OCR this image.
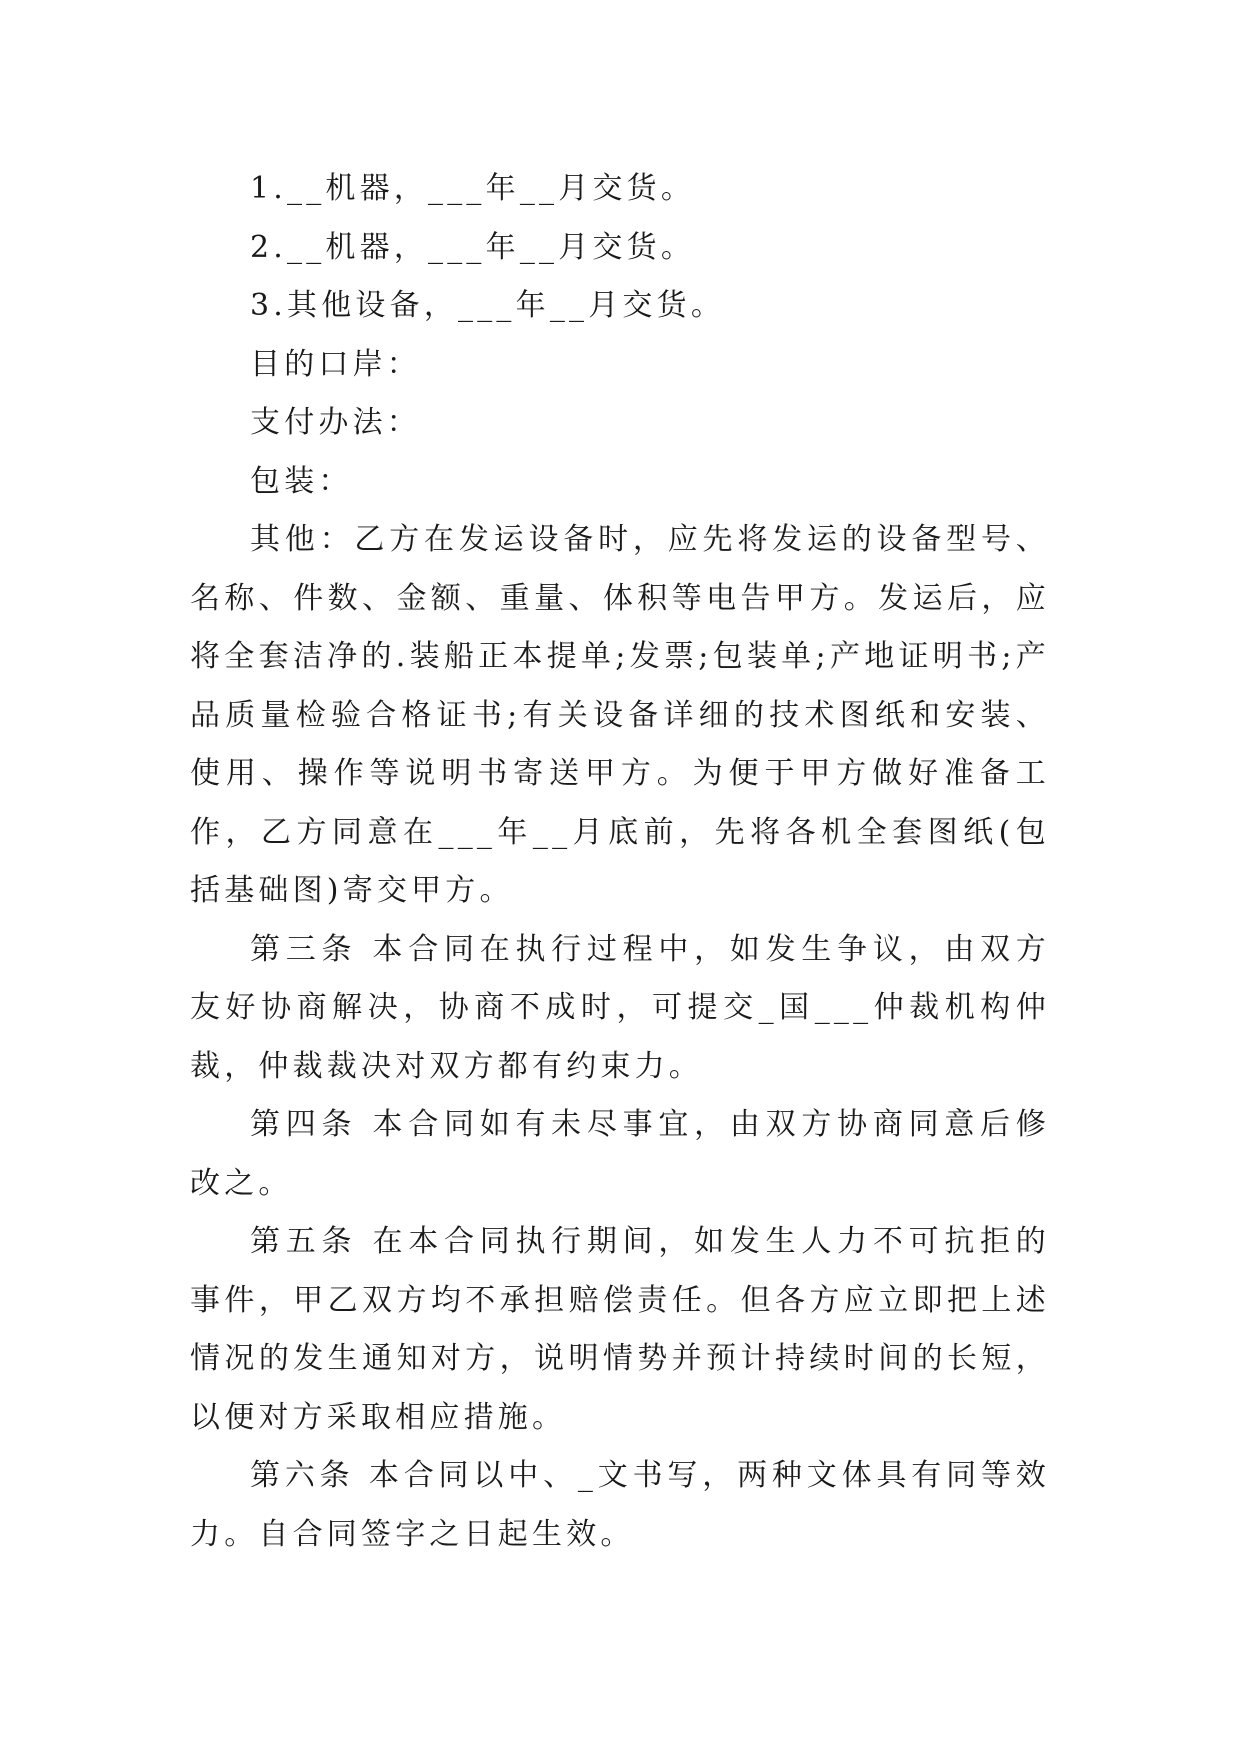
1.__机器，___年__月交货。

2.__机器，___年__月交货。

3.其他设备，___年__月交货。

目的口岸：

支付办法：

包装：

其他：乙方在发运设备时，应先将发运的设备型号、名称、件数、金额、重量、体积等电告甲方。发运后，应将全套洁净的.装船正本提单;发票;包装单;产地证明书;产品质量检验合格证书;有关设备详细的技术图纸和安装、使用、操作等说明书寄送甲方。为便于甲方做好准备工作，乙方同意在___年__月底前，先将各机全套图纸(包括基础图)寄交甲方。

第三条 本合同在执行过程中，如发生争议，由双方友好协商解决，协商不成时，可提交_国___仲裁机构仲裁，仲裁裁决对双方都有约束力。

第四条 本合同如有未尽事宜，由双方协商同意后修改之。

第五条 在本合同执行期间，如发生人力不可抗拒的事件，甲乙双方均不承担赔偿责任。但各方应立即把上述情况的发生通知对方，说明情势并预计持续时间的长短，以便对方采取相应措施。

第六条 本合同以中、_文书写，两种文体具有同等效力。自合同签字之日起生效。
